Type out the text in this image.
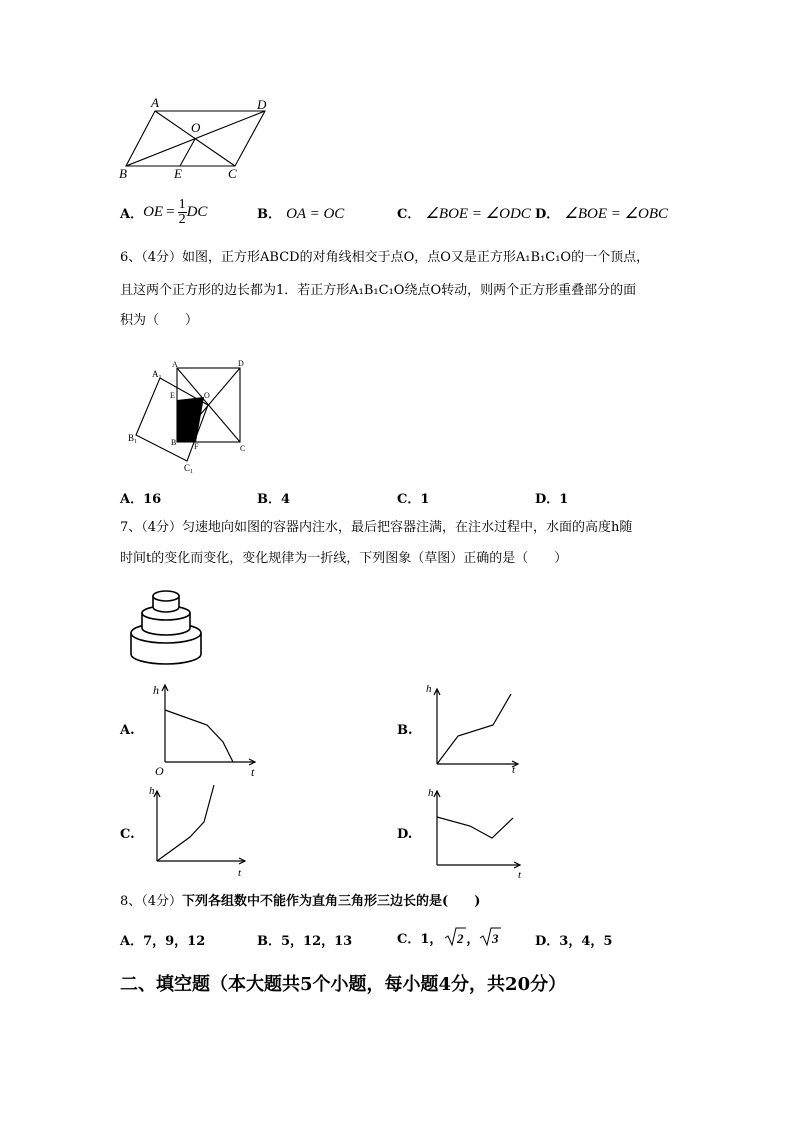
A	D
O
B	E	C
A． OE = $\frac{1}{2}$ DC	B． OA = OC	C． ∠BOE = ∠ODC D． ∠BOE = ∠OBC
6、（4分）如图，正方形ABCD的对角线相交于点O，点O又是正方形A₁B₁C₁O的一个顶点，
且这两个正方形的边长都为1．若正方形A₁B₁C₁O绕点O转动，则两个正方形重叠部分的面
积为（　　）
$A_1$
A	D
E	O
$B_1$	B F	C
$C_1$
A．16	B．4	C．1	D．1
7、（4分）匀速地向如图的容器内注水，最后把容器注满，在注水过程中，水面的高度h随
时间t的变化而变化，变化规律为一折线，下列图象（草图）正确的是（　　）
A.
h
O	t
B.
h
t
C.
h
t
D.
h
t
8、（4分）下列各组数中不能作为直角三角形三边长的是(　　)
A．7，9，12	B．5，12，13	C． 1， 2 ， 3	D．3，4，5
二、填空题（本大题共5个小题，每小题4分，共20分）
